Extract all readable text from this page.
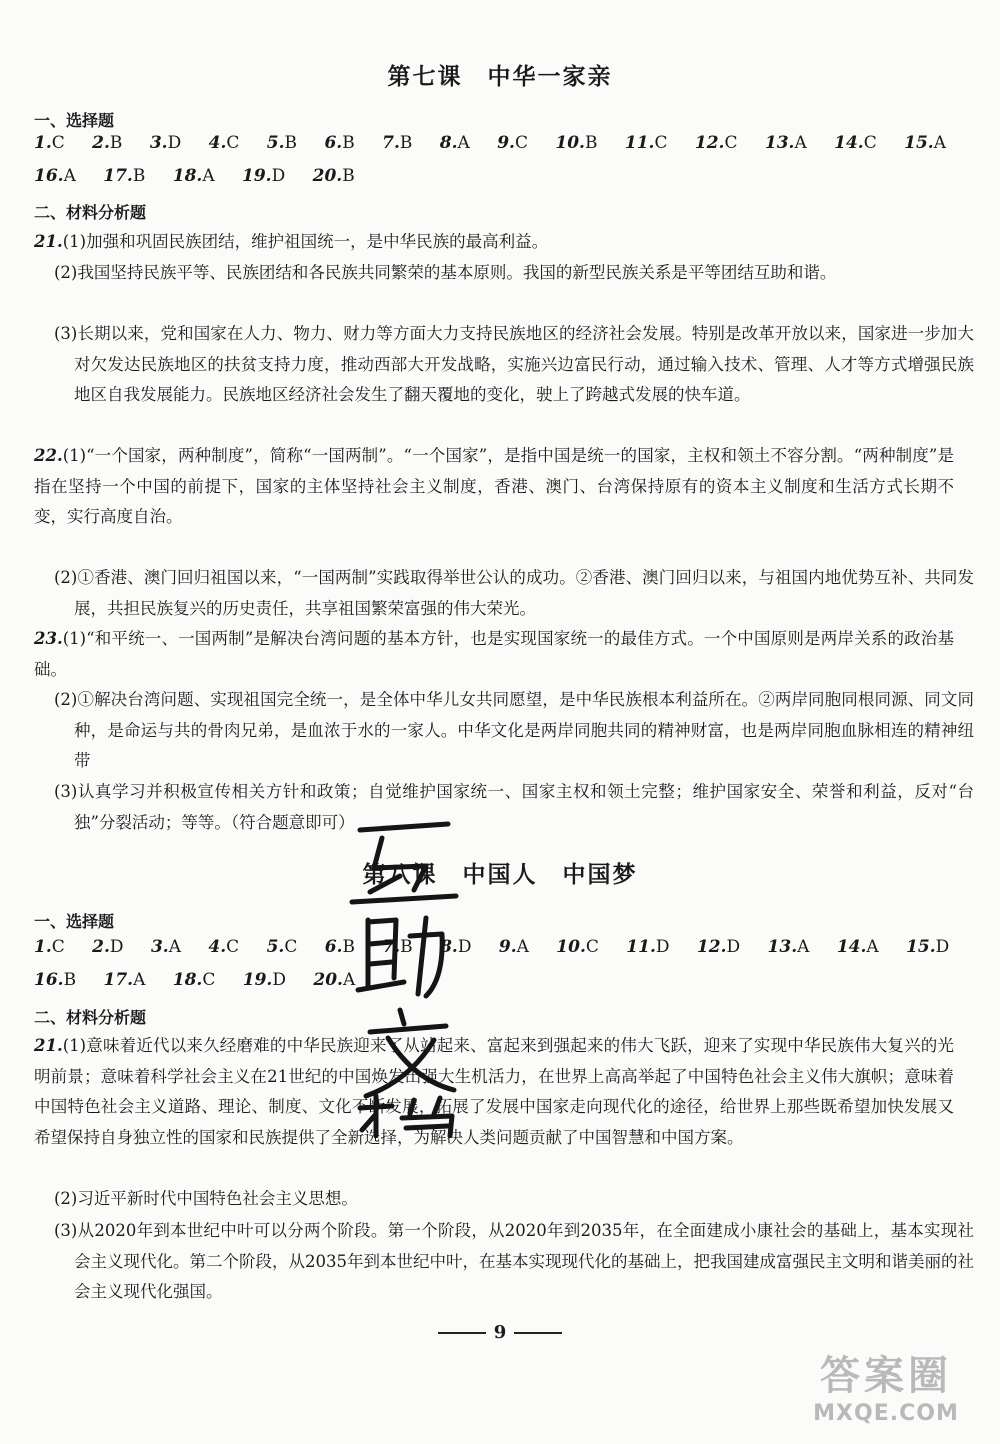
第七课　中华一家亲
一、选择题
1.C 2.B 3.D 4.C 5.B 6.B 7.B 8.A 9.C 10.B 11.C 12.C 13.A 14.C 15.A
16.A 17.B 18.A 19.D 20.B
二、材料分析题
21.(1)加强和巩固民族团结，维护祖国统一，是中华民族的最高利益。
(2)我国坚持民族平等、民族团结和各民族共同繁荣的基本原则。我国的新型民族关系是平等团结互助和谐。
(3)长期以来，党和国家在人力、物力、财力等方面大力支持民族地区的经济社会发展。特别是改革开放以来，国家进一步加大对欠发达民族地区的扶贫支持力度，推动西部大开发战略，实施兴边富民行动，通过输入技术、管理、人才等方式增强民族地区自我发展能力。民族地区经济社会发生了翻天覆地的变化，驶上了跨越式发展的快车道。
22.(1)“一个国家，两种制度”，简称“一国两制”。“一个国家”，是指中国是统一的国家，主权和领土不容分割。“两种制度”是指在坚持一个中国的前提下，国家的主体坚持社会主义制度，香港、澳门、台湾保持原有的资本主义制度和生活方式长期不变，实行高度自治。
(2)①香港、澳门回归祖国以来，“一国两制”实践取得举世公认的成功。②香港、澳门回归以来，与祖国内地优势互补、共同发展，共担民族复兴的历史责任，共享祖国繁荣富强的伟大荣光。
23.(1)“和平统一、一国两制”是解决台湾问题的基本方针，也是实现国家统一的最佳方式。一个中国原则是两岸关系的政治基础。
(2)①解决台湾问题、实现祖国完全统一，是全体中华儿女共同愿望，是中华民族根本利益所在。②两岸同胞同根同源、同文同种，是命运与共的骨肉兄弟，是血浓于水的一家人。中华文化是两岸同胞共同的精神财富，也是两岸同胞血脉相连的精神纽带
(3)认真学习并积极宣传相关方针和政策；自觉维护国家统一、国家主权和领土完整；维护国家安全、荣誉和利益，反对“台独”分裂活动；等等。（符合题意即可）
第八课　中国人　中国梦
一、选择题
1.C 2.D 3.A 4.C 5.C 6.B 7.B 8.D 9.A 10.C 11.D 12.D 13.A 14.A 15.D
16.B 17.A 18.C 19.D 20.A
二、材料分析题
21.(1)意味着近代以来久经磨难的中华民族迎来了从站起来、富起来到强起来的伟大飞跃，迎来了实现中华民族伟大复兴的光明前景；意味着科学社会主义在21世纪的中国焕发出强大生机活力，在世界上高高举起了中国特色社会主义伟大旗帜；意味着中国特色社会主义道路、理论、制度、文化不断发展，拓展了发展中国家走向现代化的途径，给世界上那些既希望加快发展又希望保持自身独立性的国家和民族提供了全新选择，为解决人类问题贡献了中国智慧和中国方案。
(2)习近平新时代中国特色社会主义思想。
(3)从2020年到本世纪中叶可以分两个阶段。第一个阶段，从2020年到2035年，在全面建成小康社会的基础上，基本实现社会主义现代化。第二个阶段，从2035年到本世纪中叶，在基本实现现代化的基础上，把我国建成富强民主文明和谐美丽的社会主义现代化强国。
9
答案圈
MXQE.COM
